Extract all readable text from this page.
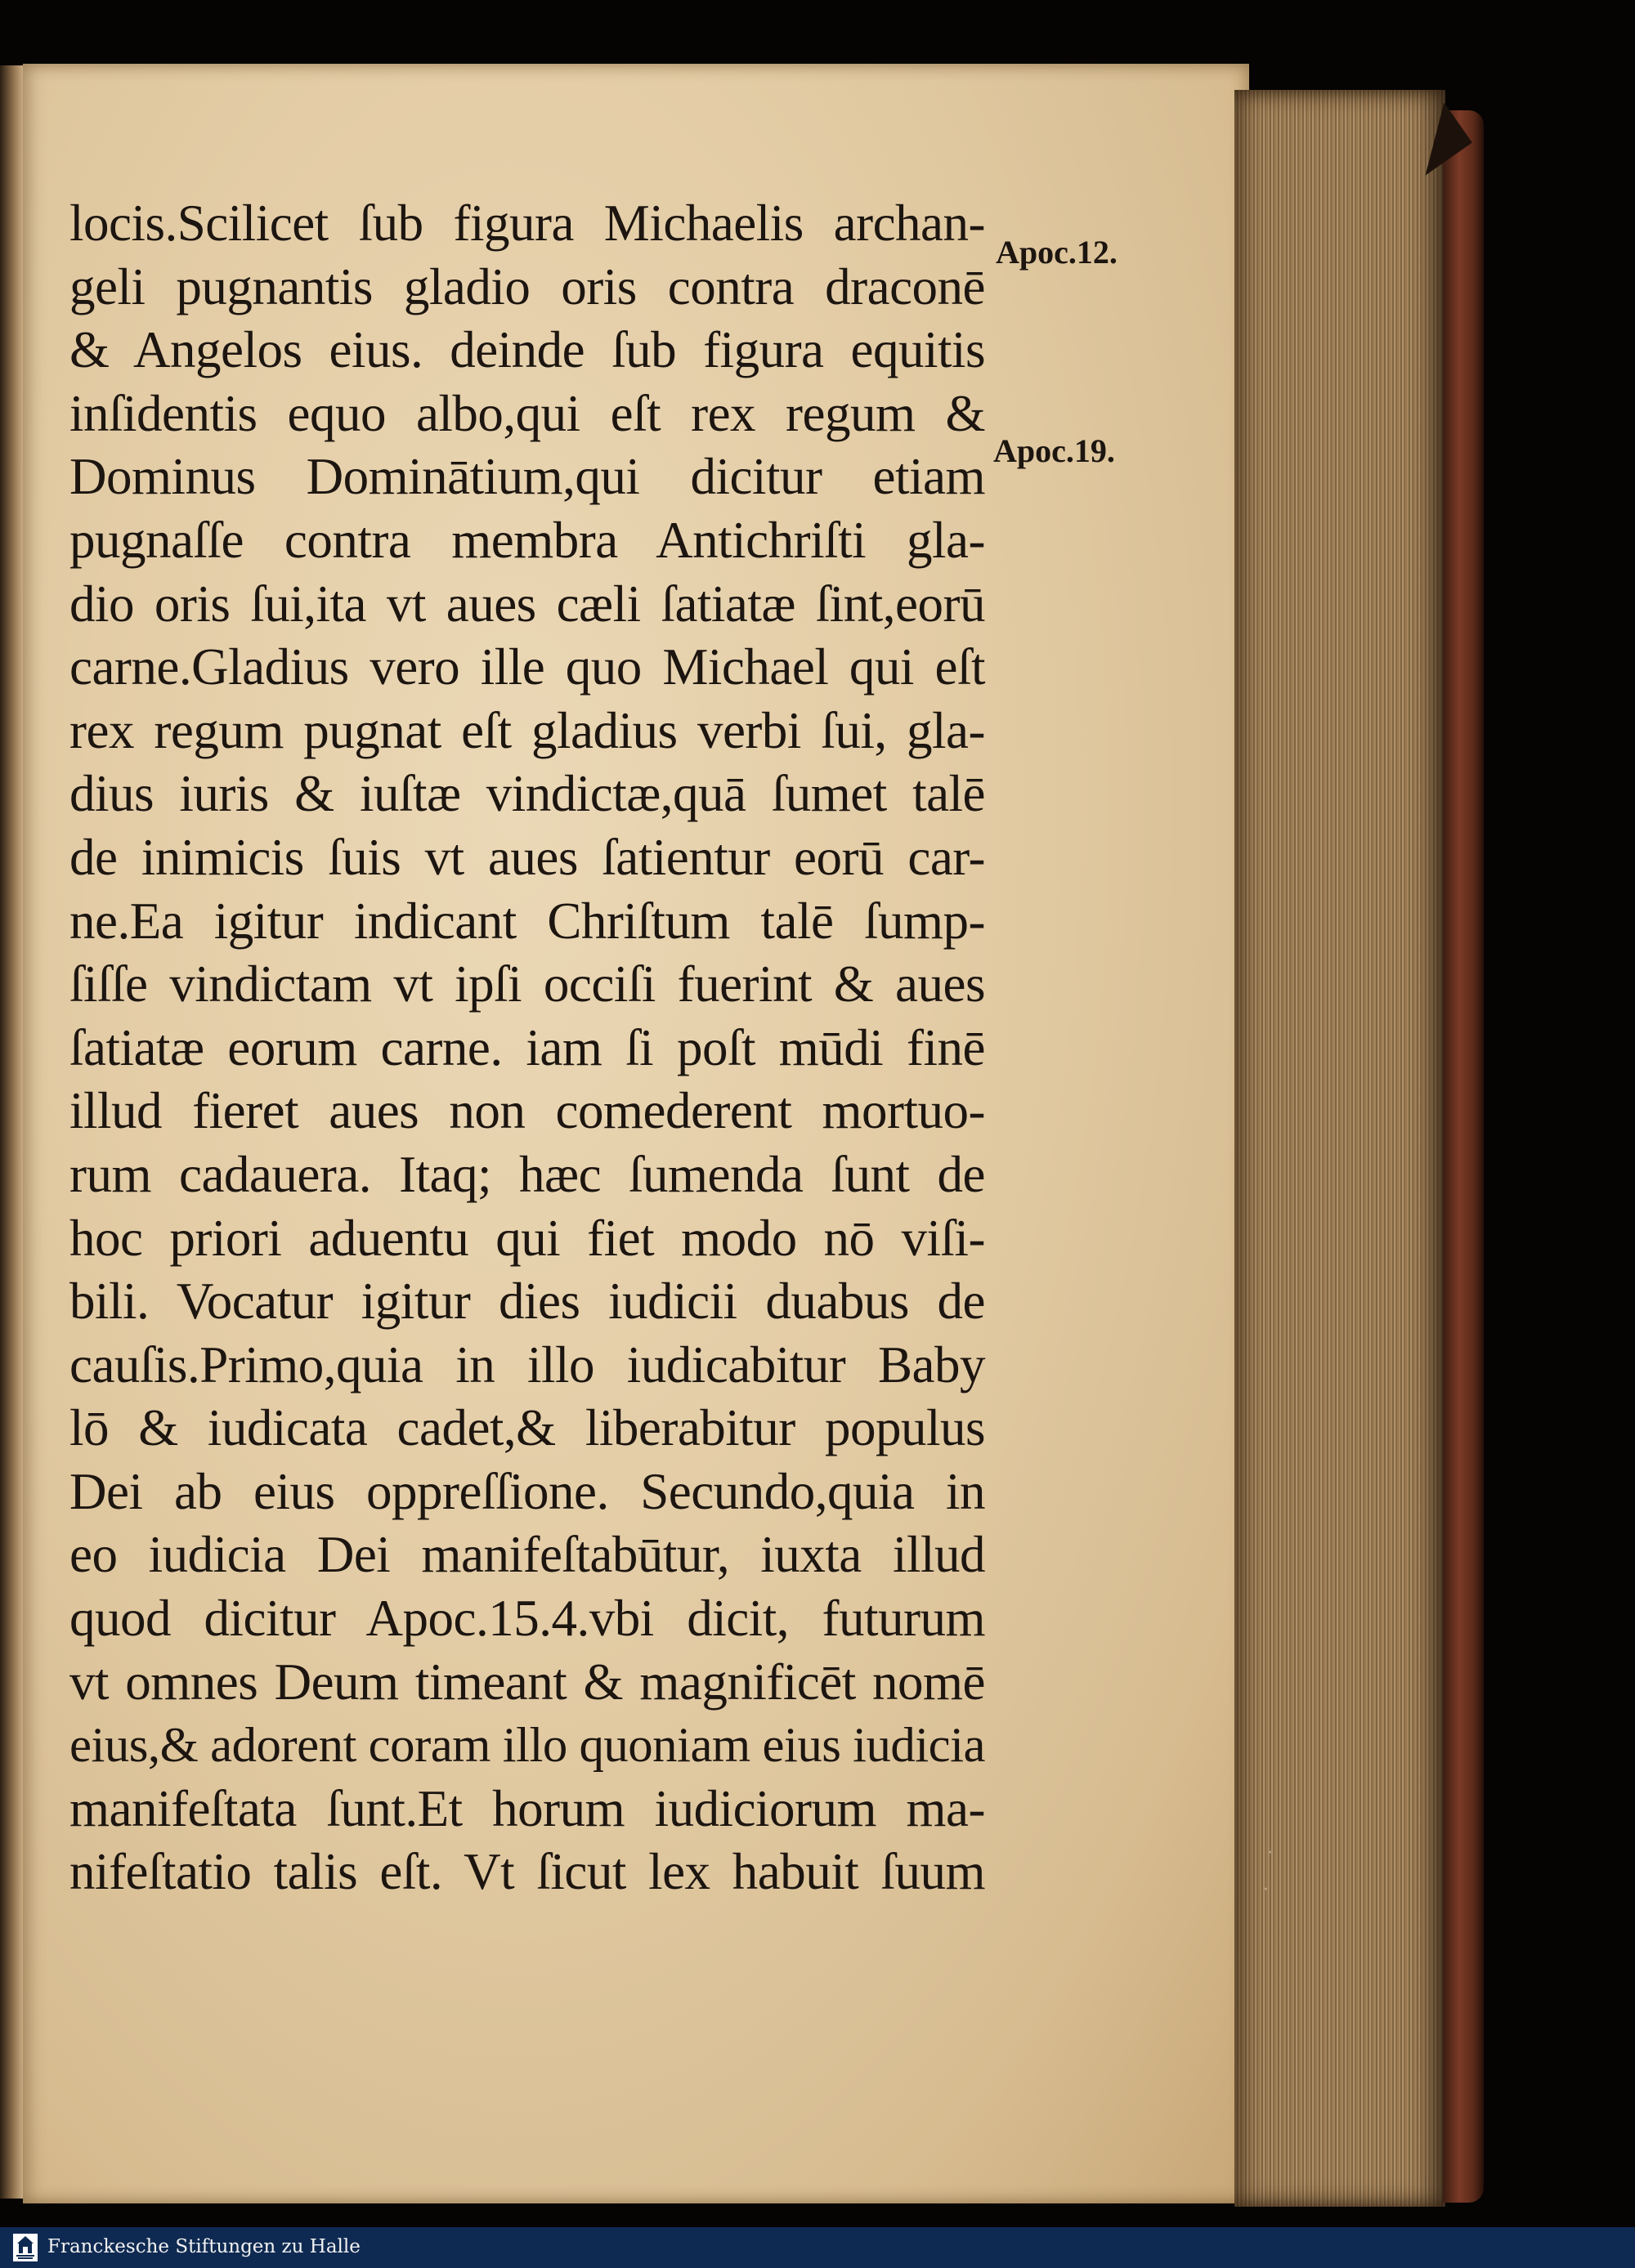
·
·
locis.Scilicet ſub figura Michaelis archan-
geli pugnantis gladio oris contra draconē
& Angelos eius. deinde ſub figura equitis
inſidentis equo albo,qui eſt rex regum &
Dominus Dominātium,qui dicitur etiam
pugnaſſe contra membra Antichriſti gla-
dio oris ſui,ita vt aues cæli ſatiatæ ſint,eorū
carne.Gladius vero ille quo Michael qui eſt
rex regum pugnat eſt gladius verbi ſui, gla-
dius iuris & iuſtæ vindictæ,quā ſumet talē
de inimicis ſuis vt aues ſatientur eorū car-
ne.Ea igitur indicant Chriſtum talē ſump-
ſiſſe vindictam vt ipſi occiſi fuerint & aues
ſatiatæ eorum carne. iam ſi poſt mūdi finē
illud fieret aues non comederent mortuo-
rum cadauera. Itaq; hæc ſumenda ſunt de
hoc priori aduentu qui fiet modo nō viſi-
bili. Vocatur igitur dies iudicii duabus de
cauſis.Primo,quia in illo iudicabitur Baby
lō & iudicata cadet,& liberabitur populus
Dei ab eius oppreſſione. Secundo,quia in
eo iudicia Dei manifeſtabūtur, iuxta illud
quod dicitur Apoc.15.4.vbi dicit, futurum
vt omnes Deum timeant & magnificēt nomē
eius,& adorent coram illo quoniam eius iudicia
manifeſtata ſunt.Et horum iudiciorum ma-
nifeſtatio talis eſt. Vt ſicut lex habuit ſuum
Apoc.12.
Apoc.19.
Franckesche Stiftungen zu Halle
